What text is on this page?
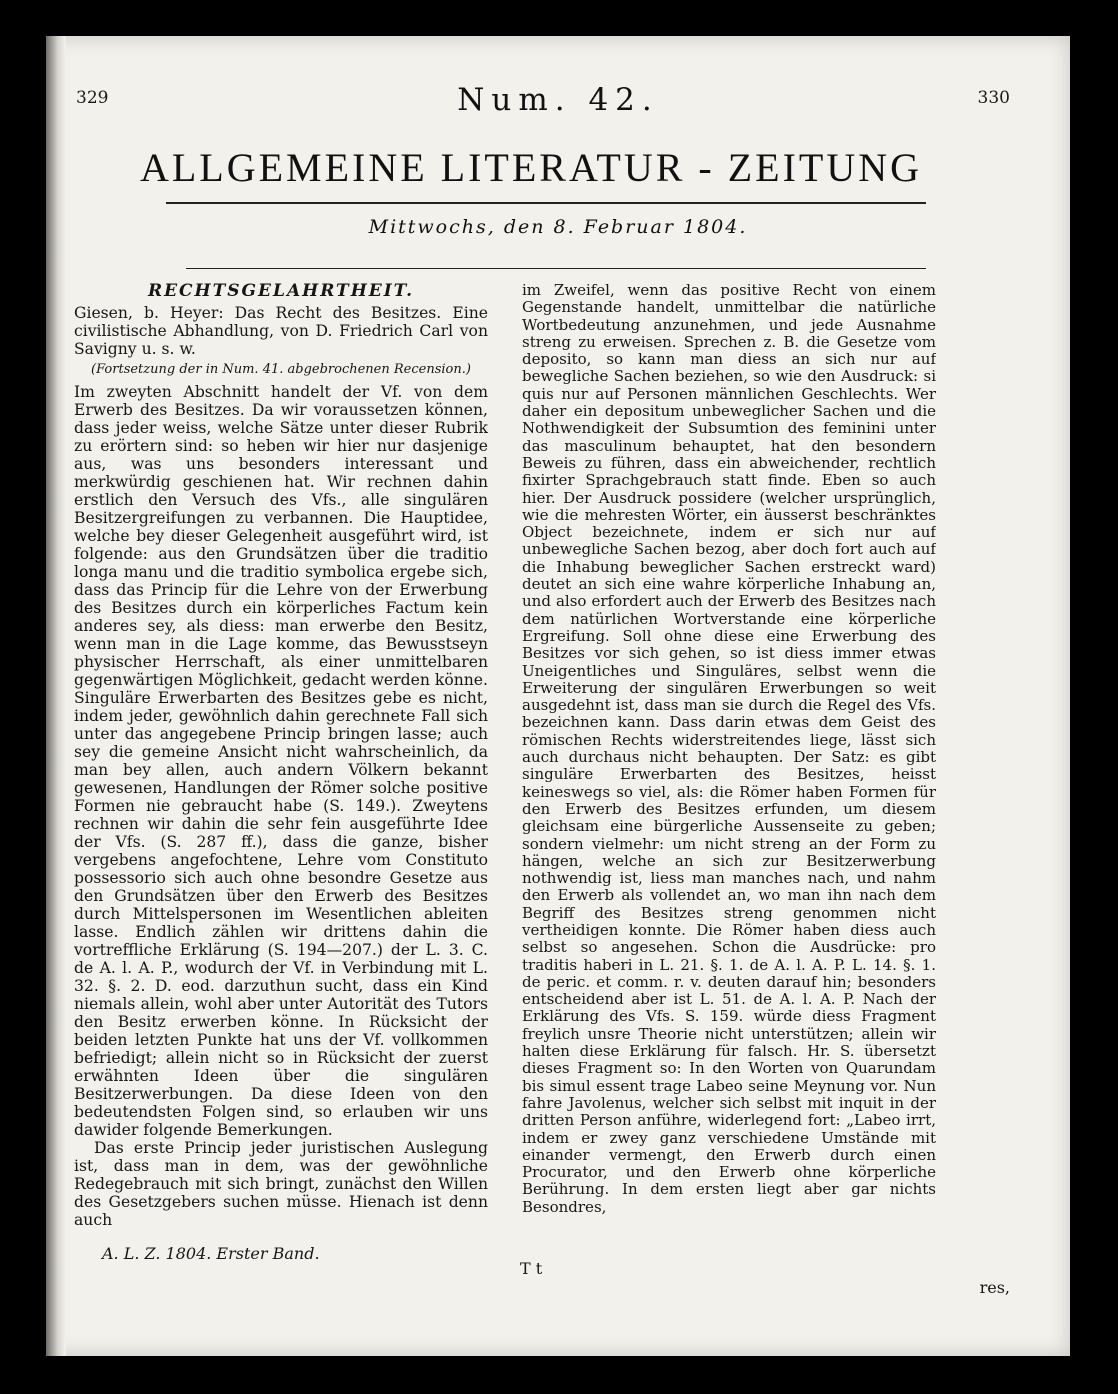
329	Num. 42.	330
ALLGEMEINE LITERATUR - ZEITUNG
Mittwochs, den 8. Februar 1804.
RECHTSGELAHRTHEIT.
Giesen, b. Heyer: Das Recht des Besitzes. Eine civilistische Abhandlung, von D. Friedrich Carl von Savigny u. s. w.
(Fortsetzung der in Num. 41. abgebrochenen Recension.)
Im zweyten Abschnitt handelt der Vf. von dem Erwerb des Besitzes. Da wir voraussetzen können, dass jeder weiss, welche Sätze unter dieser Rubrik zu erörtern sind: so heben wir hier nur dasjenige aus, was uns besonders interessant und merkwürdig geschienen hat. Wir rechnen dahin erstlich den Versuch des Vfs., alle singulären Besitzergreifungen zu verbannen. Die Hauptidee, welche bey dieser Gelegenheit ausgeführt wird, ist folgende: aus den Grundsätzen über die traditio longa manu und die traditio symbolica ergebe sich, dass das Princip für die Lehre von der Erwerbung des Besitzes durch ein körperliches Factum kein anderes sey, als diess: man erwerbe den Besitz, wenn man in die Lage komme, das Bewusstseyn physischer Herrschaft, als einer unmittelbaren gegenwärtigen Möglichkeit, gedacht werden könne. Singuläre Erwerbarten des Besitzes gebe es nicht, indem jeder, gewöhnlich dahin gerechnete Fall sich unter das angegebene Princip bringen lasse; auch sey die gemeine Ansicht nicht wahrscheinlich, da man bey allen, auch andern Völkern bekannt gewesenen, Handlungen der Römer solche positive Formen nie gebraucht habe (S. 149.). Zweytens rechnen wir dahin die sehr fein ausgeführte Idee der Vfs. (S. 287 ff.), dass die ganze, bisher vergebens angefochtene, Lehre vom Constituto possessorio sich auch ohne besondre Gesetze aus den Grundsätzen über den Erwerb des Besitzes durch Mittelspersonen im Wesentlichen ableiten lasse. Endlich zählen wir drittens dahin die vortreffliche Erklärung (S. 194—207.) der L. 3. C. de A. l. A. P., wodurch der Vf. in Verbindung mit L. 32. §. 2. D. eod. darzuthun sucht, dass ein Kind niemals allein, wohl aber unter Autorität des Tutors den Besitz erwerben könne. In Rücksicht der beiden letzten Punkte hat uns der Vf. vollkommen befriedigt; allein nicht so in Rücksicht der zuerst erwähnten Ideen über die singulären Besitzerwerbungen. Da diese Ideen von den bedeutendsten Folgen sind, so erlauben wir uns dawider folgende Bemerkungen.
Das erste Princip jeder juristischen Auslegung ist, dass man in dem, was der gewöhnliche Redegebrauch mit sich bringt, zunächst den Willen des Gesetzgebers suchen müsse. Hienach ist denn auch
im Zweifel, wenn das positive Recht von einem Gegenstande handelt, unmittelbar die natürliche Wortbedeutung anzunehmen, und jede Ausnahme streng zu erweisen. Sprechen z. B. die Gesetze vom deposito, so kann man diess an sich nur auf bewegliche Sachen beziehen, so wie den Ausdruck: si quis nur auf Personen männlichen Geschlechts. Wer daher ein depositum unbeweglicher Sachen und die Nothwendigkeit der Subsumtion des feminini unter das masculinum behauptet, hat den besondern Beweis zu führen, dass ein abweichender, rechtlich fixirter Sprachgebrauch statt finde. Eben so auch hier. Der Ausdruck possidere (welcher ursprünglich, wie die mehresten Wörter, ein äusserst beschränktes Object bezeichnete, indem er sich nur auf unbewegliche Sachen bezog, aber doch fort auch auf die Inhabung beweglicher Sachen erstreckt ward) deutet an sich eine wahre körperliche Inhabung an, und also erfordert auch der Erwerb des Besitzes nach dem natürlichen Wortverstande eine körperliche Ergreifung. Soll ohne diese eine Erwerbung des Besitzes vor sich gehen, so ist diess immer etwas Uneigentliches und Singuläres, selbst wenn die Erweiterung der singulären Erwerbungen so weit ausgedehnt ist, dass man sie durch die Regel des Vfs. bezeichnen kann. Dass darin etwas dem Geist des römischen Rechts widerstreitendes liege, lässt sich auch durchaus nicht behaupten. Der Satz: es gibt singuläre Erwerbarten des Besitzes, heisst keineswegs so viel, als: die Römer haben Formen für den Erwerb des Besitzes erfunden, um diesem gleichsam eine bürgerliche Aussenseite zu geben; sondern vielmehr: um nicht streng an der Form zu hängen, welche an sich zur Besitzerwerbung nothwendig ist, liess man manches nach, und nahm den Erwerb als vollendet an, wo man ihn nach dem Begriff des Besitzes streng genommen nicht vertheidigen konnte. Die Römer haben diess auch selbst so angesehen. Schon die Ausdrücke: pro traditis haberi in L. 21. §. 1. de A. l. A. P. L. 14. §. 1. de peric. et comm. r. v. deuten darauf hin; besonders entscheidend aber ist L. 51. de A. l. A. P. Nach der Erklärung des Vfs. S. 159. würde diess Fragment freylich unsre Theorie nicht unterstützen; allein wir halten diese Erklärung für falsch. Hr. S. übersetzt dieses Fragment so: In den Worten von Quarundam bis simul essent trage Labeo seine Meynung vor. Nun fahre Javolenus, welcher sich selbst mit inquit in der dritten Person anführe, widerlegend fort: „Labeo irrt, indem er zwey ganz verschiedene Umstände mit einander vermengt, den Erwerb durch einen Procurator, und den Erwerb ohne körperliche Berührung. In dem ersten liegt aber gar nichts Besondres,
A. L. Z. 1804. Erster Band.
T t
res,
